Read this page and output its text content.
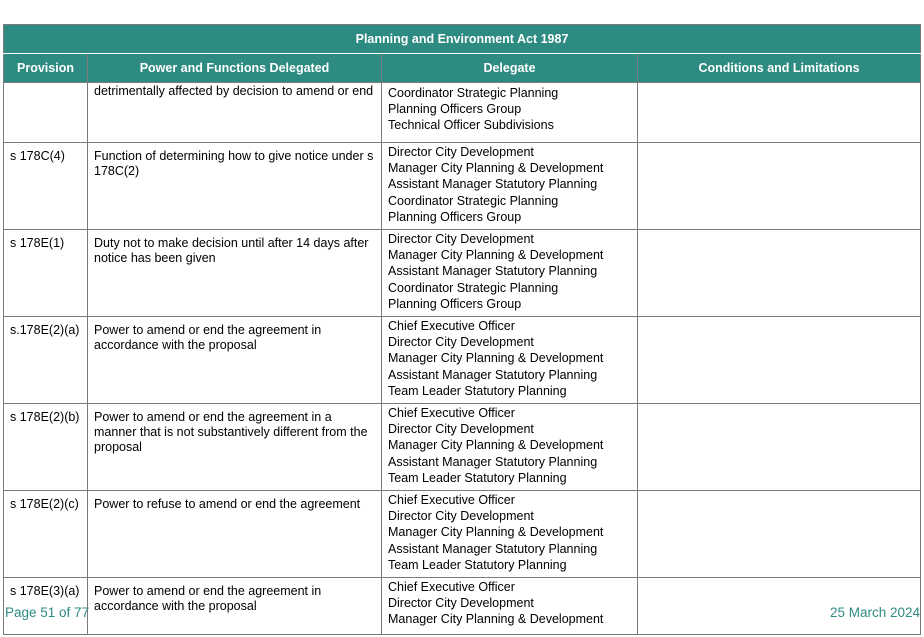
Planning and Environment Act 1987			
Provision	Power and Functions Delegated	Delegate	Conditions and Limitations

	detrimentally affected by decision to amend or end	Coordinator Strategic Planning
Planning Officers Group
Technical Officer Subdivisions	

s 178C(4)	Function of determining how to give notice under s 178C(2)	Director City Development
Manager City Planning & Development
Assistant Manager Statutory Planning
Coordinator Strategic Planning
Planning Officers Group	

s 178E(1)	Duty not to make decision until after 14 days after notice has been given	Director City Development
Manager City Planning & Development
Assistant Manager Statutory Planning
Coordinator Strategic Planning
Planning Officers Group	

s.178E(2)(a)	Power to amend or end the agreement in accordance with the proposal	Chief Executive Officer
Director City Development
Manager City Planning & Development
Assistant Manager Statutory Planning
Team Leader Statutory Planning	

s 178E(2)(b)	Power to amend or end the agreement in a manner that is not substantively different from the proposal	Chief Executive Officer
Director City Development
Manager City Planning & Development
Assistant Manager Statutory Planning
Team Leader Statutory Planning	

s 178E(2)(c)	Power to refuse to amend or end the agreement	Chief Executive Officer
Director City Development
Manager City Planning & Development
Assistant Manager Statutory Planning
Team Leader Statutory Planning	

s 178E(3)(a)	Power to amend or end the agreement in accordance with the proposal	Chief Executive Officer
Director City Development
Manager City Planning & Development	

Page 51 of 77	25 March 2024
